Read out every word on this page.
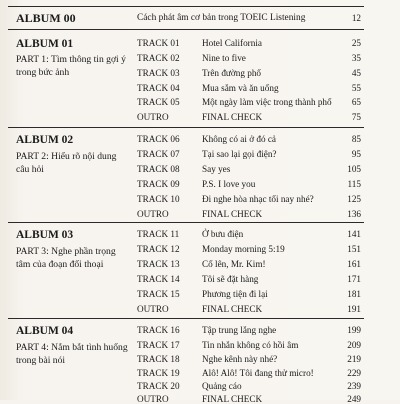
ALBUM 00	Cách phát âm cơ bản trong TOEIC Listening	12
ALBUM 01
PART 1: Tìm thông tin gợi ý trong bức ảnh
TRACK 01 Hotel California	25
TRACK 02 Nine to five	35
TRACK 03 Trên đường phố	45
TRACK 04 Mua sắm và ăn uống	55
TRACK 05 Một ngày làm việc trong thành phố	65
OUTRO	FINAL CHECK	75
ALBUM 02
PART 2: Hiểu rõ nội dung câu hỏi
TRACK 06 Không có ai ở đó cả	85
TRACK 07 Tại sao lại gọi điện?	95
TRACK 08 Say yes	105
TRACK 09 P.S. I love you	115
TRACK 10 Đi nghe hòa nhạc tối nay nhé?	125
OUTRO	FINAL CHECK	136
ALBUM 03
PART 3: Nghe phần trọng tâm của đoạn đối thoại
TRACK 11 Ở bưu điện	141
TRACK 12 Monday morning 5:19	151
TRACK 13 Cố lên, Mr. Kim!	161
TRACK 14 Tôi sẽ đặt hàng	171
TRACK 15 Phương tiện đi lại	181
OUTRO	FINAL CHECK	191
ALBUM 04
PART 4: Nắm bắt tình huống trong bài nói
TRACK 16 Tập trung lắng nghe	199
TRACK 17 Tin nhắn không có hồi âm	209
TRACK 18 Nghe kênh này nhé?	219
TRACK 19 Alô! Alô! Tôi đang thử micro!	229
TRACK 20 Quảng cáo	239
OUTRO	FINAL CHECK	249
